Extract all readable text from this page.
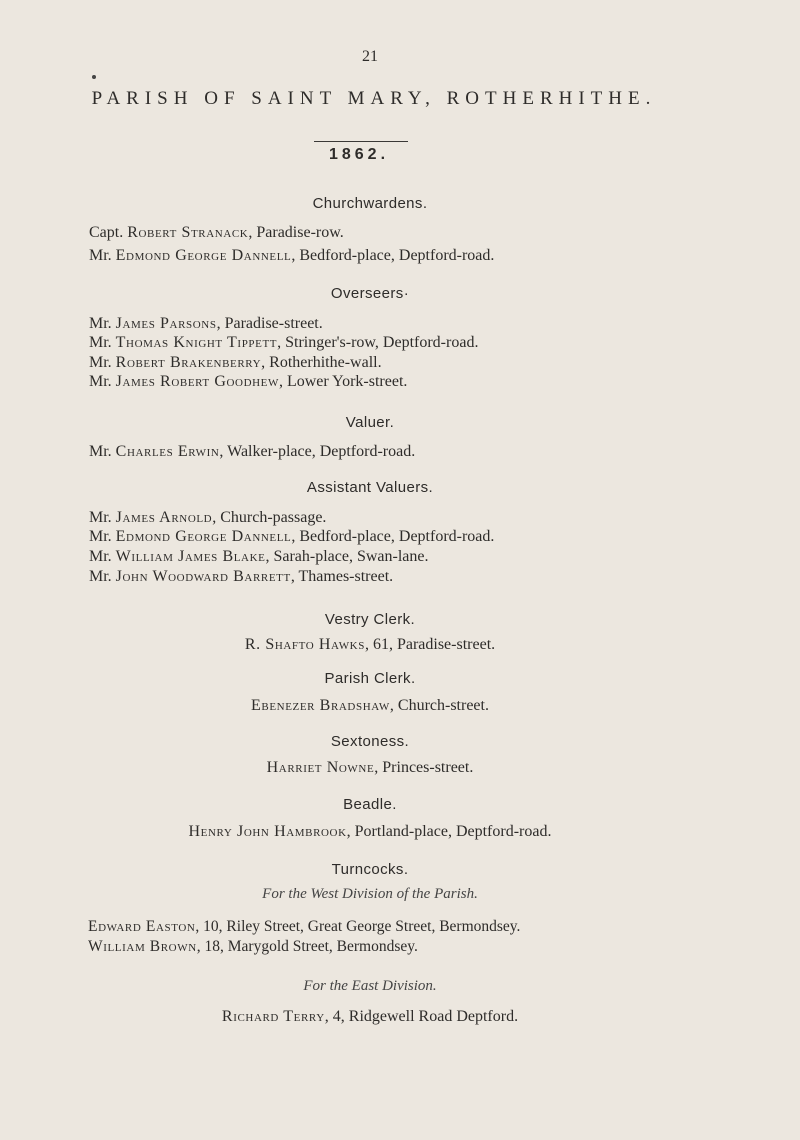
21
PARISH OF SAINT MARY, ROTHERHITHE.
1862.
Churchwardens.
Capt. Robert Stranack, Paradise-row.
Mr. Edmond George Dannell, Bedford-place, Deptford-road.
Overseers·
Mr. James Parsons, Paradise-street.
Mr. Thomas Knight Tippett, Stringer's-row, Deptford-road.
Mr. Robert Brakenberry, Rotherhithe-wall.
Mr. James Robert Goodhew, Lower York-street.
Valuer.
Mr. Charles Erwin, Walker-place, Deptford-road.
Assistant Valuers.
Mr. James Arnold, Church-passage.
Mr. Edmond George Dannell, Bedford-place, Deptford-road.
Mr. William James Blake, Sarah-place, Swan-lane.
Mr. John Woodward Barrett, Thames-street.
Vestry Clerk.
R. Shafto Hawks, 61, Paradise-street.
Parish Clerk.
Ebenezer Bradshaw, Church-street.
Sextoness.
Harriet Nowne, Princes-street.
Beadle.
Henry John Hambrook, Portland-place, Deptford-road.
Turncocks.
For the West Division of the Parish.
Edward Easton, 10, Riley Street, Great George Street, Bermondsey.
William Brown, 18, Marygold Street, Bermondsey.
For the East Division.
Richard Terry, 4, Ridgewell Road Deptford.
